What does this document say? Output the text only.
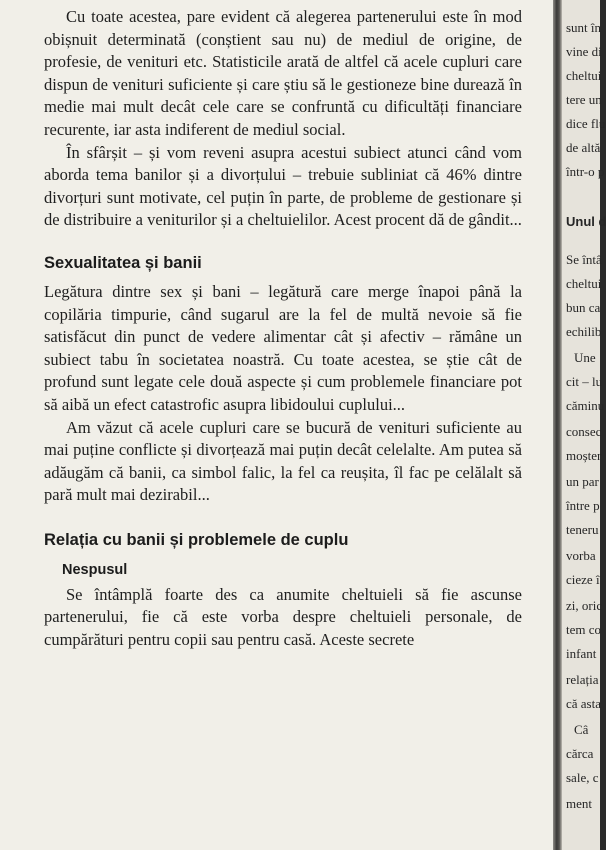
Cu toate acestea, pare evident că alegerea partenerului este în mod obișnuit determinată (conștient sau nu) de mediul de origine, de profesie, de venituri etc. Statisticile arată de altfel că acele cupluri care dispun de venituri suficiente și care știu să le gestioneze bine durează în medie mai mult decât cele care se confruntă cu dificultăți financiare recurente, iar asta indiferent de mediul social.

În sfârșit – și vom reveni asupra acestui subiect atunci când vom aborda tema banilor și a divorțului – trebuie subliniat că 46% dintre divorțuri sunt motivate, cel puțin în parte, de probleme de gestionare și de distribuire a veniturilor și a cheltuielilor. Acest procent dă de gândit...

Sexualitatea și banii

Legătura dintre sex și bani – legătură care merge înapoi până la copilăria timpurie, când sugarul are la fel de multă nevoie să fie satisfăcut din punct de vedere alimentar cât și afectiv – rămâne un subiect tabu în societatea noastră. Cu toate acestea, se știe cât de profund sunt legate cele două aspecte și cum problemele financiare pot să aibă un efect catastrofic asupra libidoului cuplului...

Am văzut că acele cupluri care se bucură de venituri suficiente au mai puține conflicte și divorțează mai puțin decât celelalte. Am putea să adăugăm că banii, ca simbol falic, la fel ca reușita, îl fac pe celălalt să pară mult mai dezirabil...

Relația cu banii și problemele de cuplu
Nespusul

Se întâmplă foarte des ca anumite cheltuieli să fie ascunse partenerului, fie că este vorba despre cheltuieli personale, de cumpărături pentru copii sau pentru casă. Aceste secrete

sunt în
vine di
cheltui
tere un
dice flu
de altă
într-o p
Unul d
Se întâ
cheltui
bun ca
echilib
Une
cit – lu
căminu
consec
moșter
un par
între p
teneru
vorba
cieze î
zi, oric
tem co
infant
relația
că asta
Câ
cărca
sale, c
ment
